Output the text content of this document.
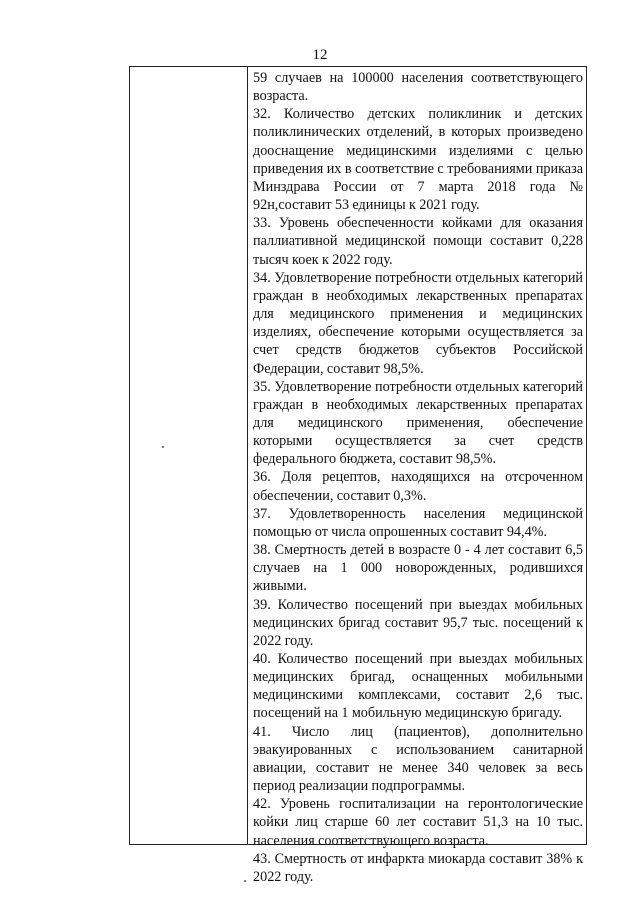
12

59 случаев на 100000 населения соответствующего возраста.

32. Количество детских поликлиник и детских поликлинических отделений, в которых произведено дооснащение медицинскими изделиями с целью приведения их в соответствие с требованиями приказа Минздрава России от 7 марта 2018 года № 92н,составит 53 единицы к 2021 году.

33. Уровень обеспеченности койками для оказания паллиативной медицинской помощи составит 0,228 тысяч коек к 2022 году.

34. Удовлетворение потребности отдельных категорий граждан в необходимых лекарственных препаратах для медицинского применения и медицинских изделиях, обеспечение которыми осуществляется за счет средств бюджетов субъектов Российской Федерации, составит 98,5%.

35. Удовлетворение потребности отдельных категорий граждан в необходимых лекарственных препаратах для медицинского применения, обеспечение которыми осуществляется за счет средств федерального бюджета, составит 98,5%.

36. Доля рецептов, находящихся на отсроченном обеспечении, составит 0,3%.

37. Удовлетворенность населения медицинской помощью от числа опрошенных составит 94,4%.

38. Смертность детей в возрасте 0 - 4 лет составит 6,5 случаев на 1 000 новорожденных, родившихся живыми.

39. Количество посещений при выездах мобильных медицинских бригад составит 95,7 тыс. посещений к 2022 году.

40. Количество посещений при выездах мобильных медицинских бригад, оснащенных мобильными медицинскими комплексами, составит 2,6 тыс. посещений на 1 мобильную медицинскую бригаду.

41. Число лиц (пациентов), дополнительно эвакуированных с использованием санитарной авиации, составит не менее 340 человек за весь период реализации подпрограммы.

42. Уровень госпитализации на геронтологические койки лиц старше 60 лет составит 51,3 на 10 тыс. населения соответствующего возраста.

43. Смертность от инфаркта миокарда составит 38% к 2022 году.
